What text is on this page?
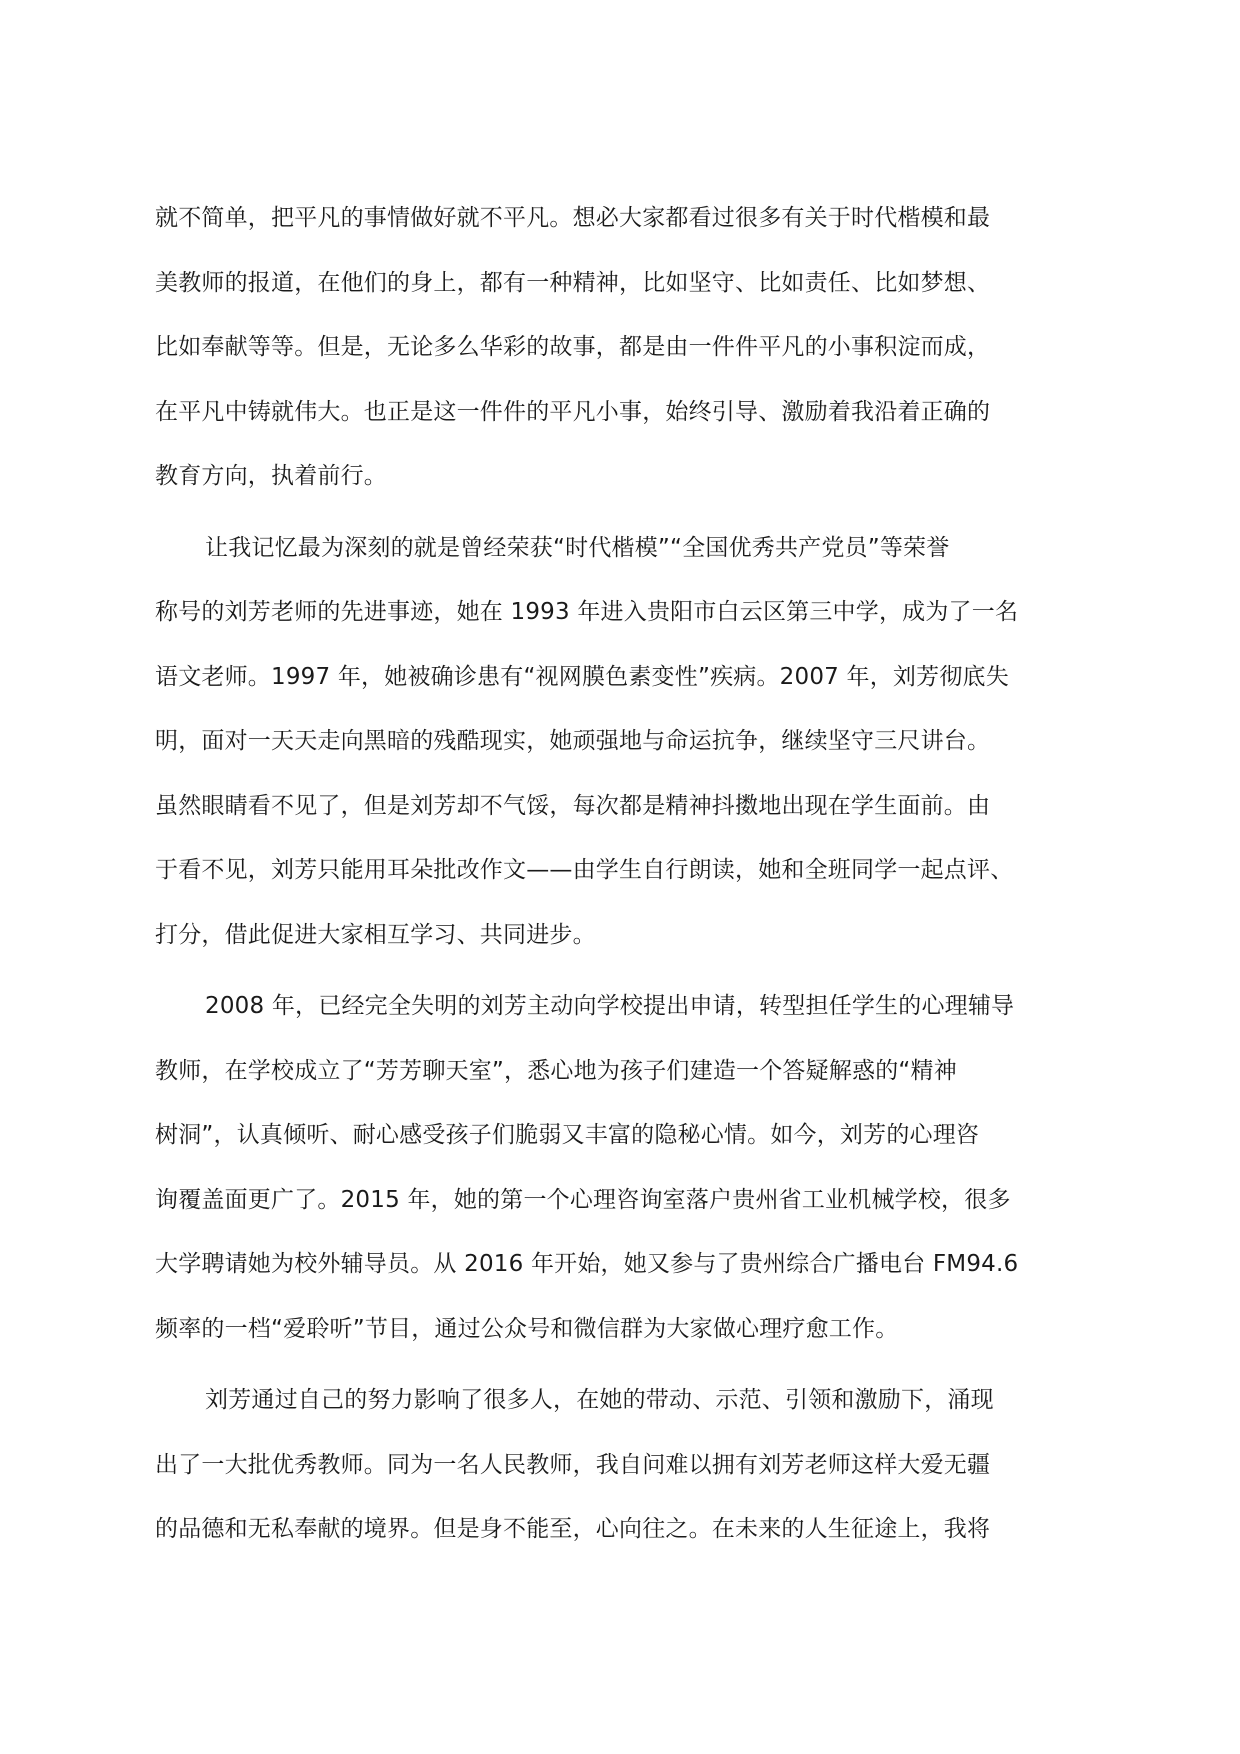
就不简单，把平凡的事情做好就不平凡。想必大家都看过很多有关于时代楷模和最
美教师的报道，在他们的身上，都有一种精神，比如坚守、比如责任、比如梦想、
比如奉献等等。但是，无论多么华彩的故事，都是由一件件平凡的小事积淀而成，
在平凡中铸就伟大。也正是这一件件的平凡小事，始终引导、激励着我沿着正确的
教育方向，执着前行。

让我记忆最为深刻的就是曾经荣获“时代楷模”“全国优秀共产党员”等荣誉
称号的刘芳老师的先进事迹，她在 1993 年进入贵阳市白云区第三中学，成为了一名
语文老师。1997 年，她被确诊患有“视网膜色素变性”疾病。2007 年，刘芳彻底失
明，面对一天天走向黑暗的残酷现实，她顽强地与命运抗争，继续坚守三尺讲台。
虽然眼睛看不见了，但是刘芳却不气馁，每次都是精神抖擞地出现在学生面前。由
于看不见，刘芳只能用耳朵批改作文——由学生自行朗读，她和全班同学一起点评、
打分，借此促进大家相互学习、共同进步。

2008 年，已经完全失明的刘芳主动向学校提出申请，转型担任学生的心理辅导
教师，在学校成立了“芳芳聊天室”，悉心地为孩子们建造一个答疑解惑的“精神
树洞”，认真倾听、耐心感受孩子们脆弱又丰富的隐秘心情。如今，刘芳的心理咨
询覆盖面更广了。2015 年，她的第一个心理咨询室落户贵州省工业机械学校，很多
大学聘请她为校外辅导员。从 2016 年开始，她又参与了贵州综合广播电台 FM94.6
频率的一档“爱聆听”节目，通过公众号和微信群为大家做心理疗愈工作。

刘芳通过自己的努力影响了很多人，在她的带动、示范、引领和激励下，涌现
出了一大批优秀教师。同为一名人民教师，我自问难以拥有刘芳老师这样大爱无疆
的品德和无私奉献的境界。但是身不能至，心向往之。在未来的人生征途上，我将
